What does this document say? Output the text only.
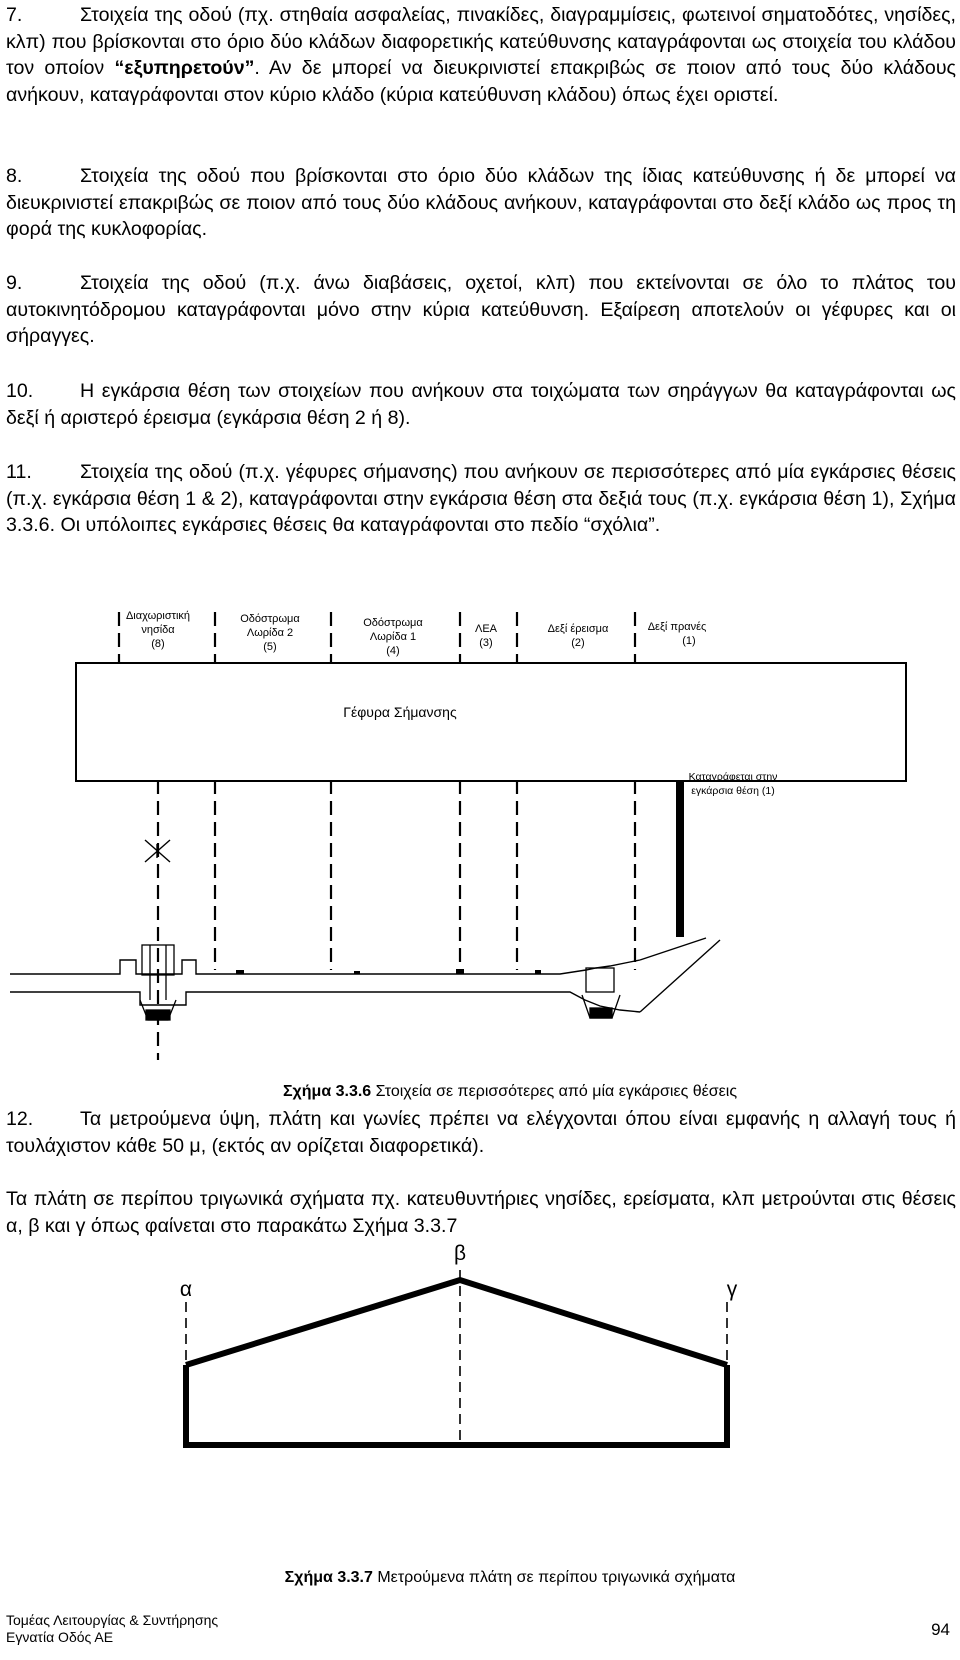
7.	Στοιχεία της οδού (πχ. στηθαία ασφαλείας, πινακίδες, διαγραμμίσεις, φωτεινοί σηματοδότες, νησίδες, κλπ) που βρίσκονται στο όριο δύο κλάδων διαφορετικής κατεύθυνσης καταγράφονται ως στοιχεία του κλάδου τον οποίον “εξυπηρετούν”. Αν δε μπορεί να διευκρινιστεί επακριβώς σε ποιον από τους δύο κλάδους ανήκουν, καταγράφονται στον κύριο κλάδο (κύρια κατεύθυνση κλάδου) όπως έχει οριστεί.

8.	Στοιχεία της οδού που βρίσκονται στο όριο δύο κλάδων της ίδιας κατεύθυνσης ή δε μπορεί να διευκρινιστεί επακριβώς σε ποιον από τους δύο κλάδους ανήκουν, καταγράφονται στο δεξί κλάδο ως προς τη φορά της κυκλοφορίας.

9.	Στοιχεία της οδού (π.χ. άνω διαβάσεις, οχετοί, κλπ) που εκτείνονται σε όλο το πλάτος του αυτοκινητόδρομου καταγράφονται μόνο στην κύρια κατεύθυνση. Εξαίρεση αποτελούν οι γέφυρες και οι σήραγγες.

10. Η εγκάρσια θέση των στοιχείων που ανήκουν στα τοιχώματα των σηράγγων θα καταγράφονται ως δεξί ή αριστερό έρεισμα (εγκάρσια θέση 2 ή 8).

11. Στοιχεία της οδού (π.χ. γέφυρες σήμανσης) που ανήκουν σε περισσότερες από μία εγκάρσιες θέσεις (π.χ. εγκάρσια θέση 1 & 2), καταγράφονται στην εγκάρσια θέση στα δεξιά τους (π.χ. εγκάρσια θέση 1), Σχήμα 3.3.6. Οι υπόλοιπες εγκάρσιες θέσεις θα καταγράφονται στο πεδίο “σχόλια”.

Διαχωριστική
νησίδα
(8)
Οδόστρωμα
Λωρίδα 2
(5)
Οδόστρωμα
Λωρίδα 1
(4)
ΛΕΑ
(3)
Δεξί έρεισμα
(2)
Δεξί πρανές
(1)
Γέφυρα Σήμανσης
Καταγράφεται στην
εγκάρσια θέση (1)
Σχήμα 3.3.6 Στοιχεία σε περισσότερες από μία εγκάρσιες θέσεις

12. Τα μετρούμενα ύψη, πλάτη και γωνίες πρέπει να ελέγχονται όπου είναι εμφανής η αλλαγή τους ή τουλάχιστον κάθε 50 μ, (εκτός αν ορίζεται διαφορετικά).

Τα πλάτη σε περίπου τριγωνικά σχήματα πχ. κατευθυντήριες νησίδες, ερείσματα, κλπ μετρούνται στις θέσεις α, β και γ όπως φαίνεται στο παρακάτω Σχήμα 3.3.7

α
β
γ
Σχήμα 3.3.7 Μετρούμενα πλάτη σε περίπου τριγωνικά σχήματα
Τομέας Λειτουργίας & Συντήρησης
Εγνατία Οδός ΑΕ	94
